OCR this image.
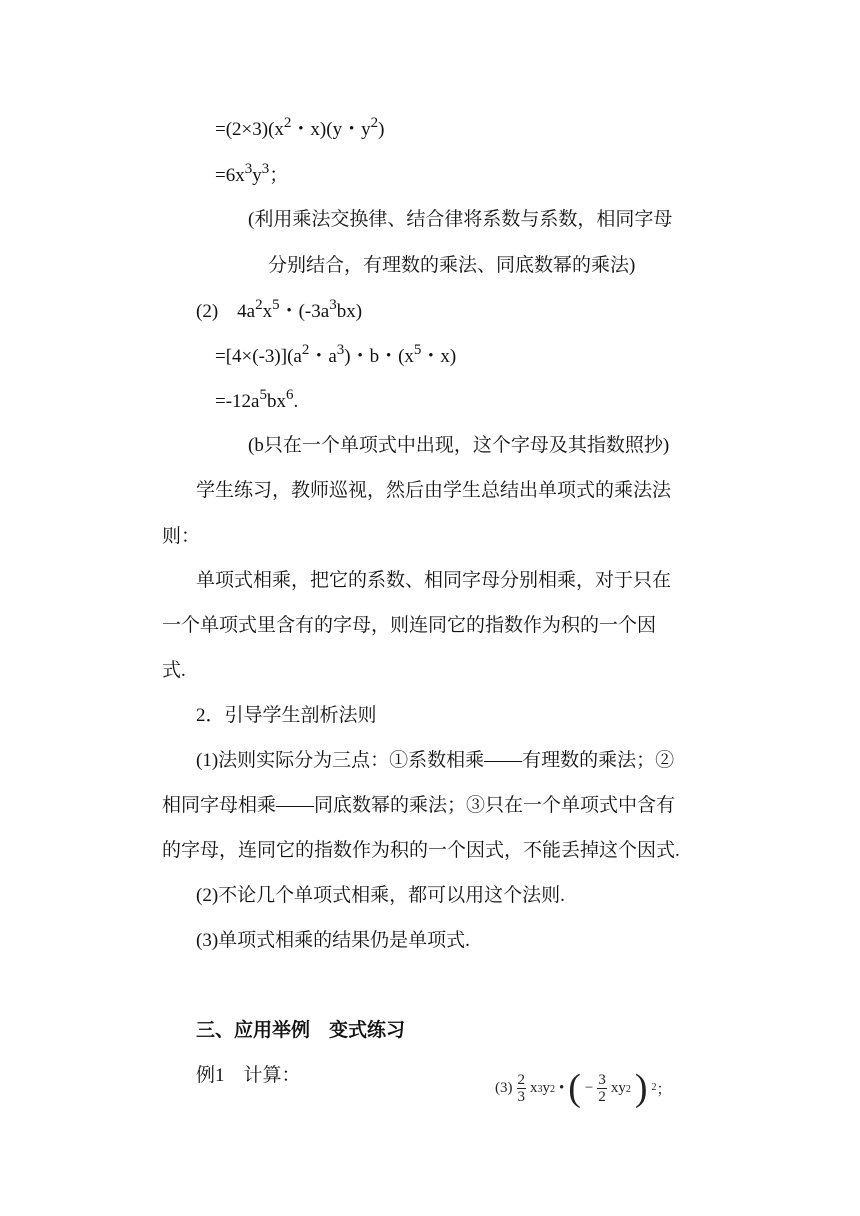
$=(2\times 3)(x^2$・x)(y・$y^2$)
$=6x^3y^3$；
(利用乘法交换律、结合律将系数与系数，相同字母
分别结合，有理数的乘法、同底数幂的乘法)
(2)　$4a^2x^5$・$(-3a^3bx)$
$=[4\times(-3)](a^2$・$a^3$)・b・($x^5$・x)
$=-12a^5bx^6$.
(b只在一个单项式中出现，这个字母及其指数照抄)
学生练习，教师巡视，然后由学生总结出单项式的乘法法
则：
单项式相乘，把它的系数、相同字母分别相乘，对于只在
一个单项式里含有的字母，则连同它的指数作为积的一个因
式.
2．引导学生剖析法则
(1)法则实际分为三点：①系数相乘——有理数的乘法；②
相同字母相乘——同底数幂的乘法；③只在一个单项式中含有
的字母，连同它的指数作为积的一个因式，不能丢掉这个因式.
(2)不论几个单项式相乘，都可以用这个法则.
(3)单项式相乘的结果仍是单项式.
三、应用举例　变式练习
例1　计算：
$(3) \frac{2}{3} x^3y^2$ • ( − $\frac{3}{2} xy^2$ ) $^2$；
